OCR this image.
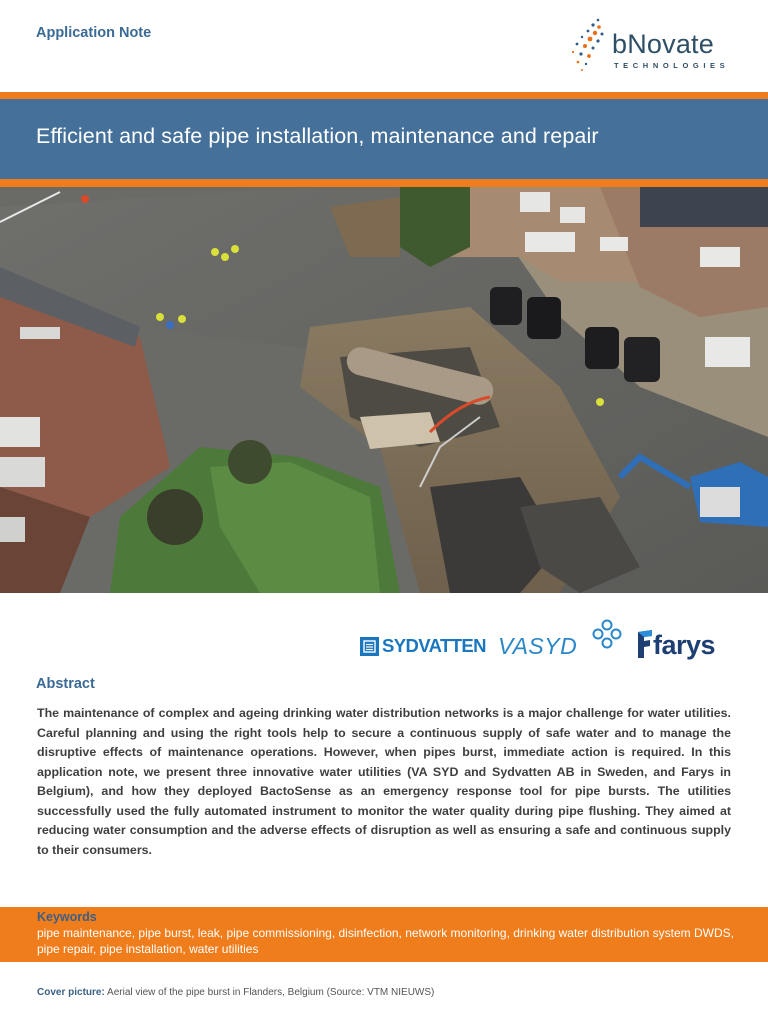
Application Note	bNovate
TECHNOLOGIES
Efficient and safe pipe installation, maintenance and repair
SYDVATTEN VASYD	farys
Abstract
The maintenance of complex and ageing drinking water distribution networks is a major challenge for water utilities. Careful planning and using the right tools help to secure a continuous supply of safe water and to manage the disruptive effects of maintenance operations. However, when pipes burst, immediate action is required. In this application note, we present three innovative water utilities (VA SYD and Sydvatten AB in Sweden, and Farys in Belgium), and how they deployed BactoSense as an emergency response tool for pipe bursts. The utilities successfully used the fully automated instrument to monitor the water quality during pipe flushing. They aimed at reducing water consumption and the adverse effects of disruption as well as ensuring a safe and continuous supply to their consumers.
Keywords
pipe maintenance, pipe burst, leak, pipe commissioning, disinfection, network monitoring, drinking water distribution system DWDS, pipe repair, pipe installation, water utilities
Cover picture: Aerial view of the pipe burst in Flanders, Belgium (Source: VTM NIEUWS)
